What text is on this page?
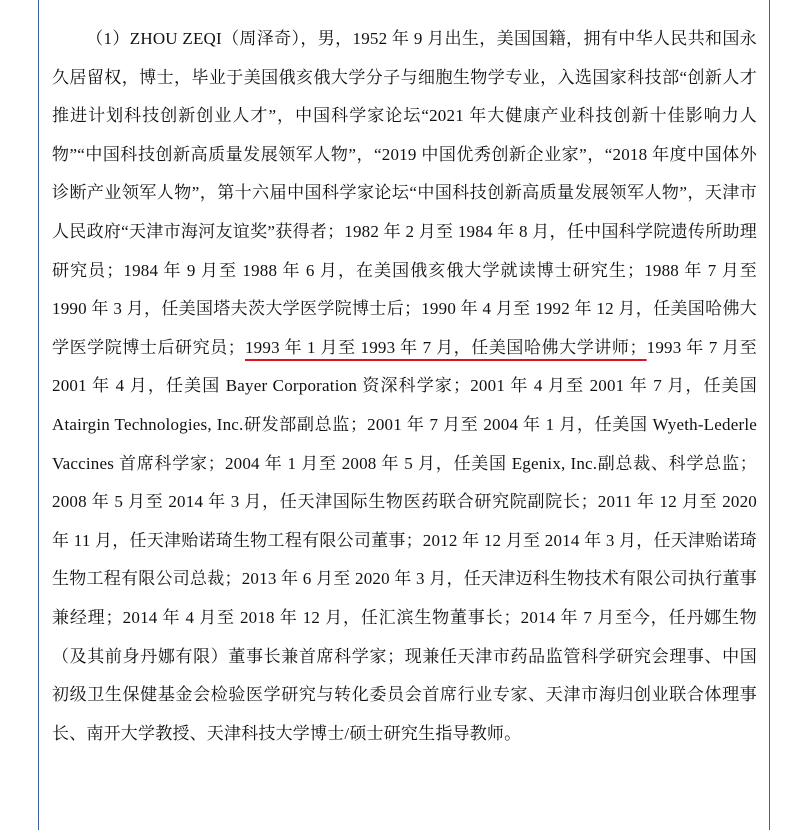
（1）ZHOU ZEQI（周泽奇），男，1952 年 9 月出生，美国国籍，拥有中华人民共和国永久居留权，博士，毕业于美国俄亥俄大学分子与细胞生物学专业，入选国家科技部“创新人才推进计划科技创新创业人才”，中国科学家论坛“2021 年大健康产业科技创新十佳影响力人物”“中国科技创新高质量发展领军人物”，“2019 中国优秀创新企业家”，“2018 年度中国体外诊断产业领军人物”，第十六届中国科学家论坛“中国科技创新高质量发展领军人物”，天津市人民政府“天津市海河友谊奖”获得者；1982 年 2 月至 1984 年 8 月，任中国科学院遗传所助理研究员；1984 年 9 月至 1988 年 6 月，在美国俄亥俄大学就读博士研究生；1988 年 7 月至 1990 年 3 月，任美国塔夫茨大学医学院博士后；1990 年 4 月至 1992 年 12 月，任美国哈佛大学医学院博士后研究员；1993 年 1 月至 1993 年 7 月，任美国哈佛大学讲师；1993 年 7 月至 2001 年 4 月，任美国 Bayer Corporation 资深科学家；2001 年 4 月至 2001 年 7 月，任美国 Atairgin Technologies, Inc.研发部副总监；2001 年 7 月至 2004 年 1 月，任美国 Wyeth-Lederle Vaccines 首席科学家；2004 年 1 月至 2008 年 5 月，任美国 Egenix, Inc.副总裁、科学总监；2008 年 5 月至 2014 年 3 月，任天津国际生物医药联合研究院副院长；2011 年 12 月至 2020 年 11 月，任天津贻诺琦生物工程有限公司董事；2012 年 12 月至 2014 年 3 月，任天津贻诺琦生物工程有限公司总裁；2013 年 6 月至 2020 年 3 月，任天津迈科生物技术有限公司执行董事兼经理；2014 年 4 月至 2018 年 12 月，任汇滨生物董事长；2014 年 7 月至今，任丹娜生物（及其前身丹娜有限）董事长兼首席科学家；现兼任天津市药品监管科学研究会理事、中国初级卫生保健基金会检验医学研究与转化委员会首席行业专家、天津市海归创业联合体理事长、南开大学教授、天津科技大学博士/硕士研究生指导教师。
